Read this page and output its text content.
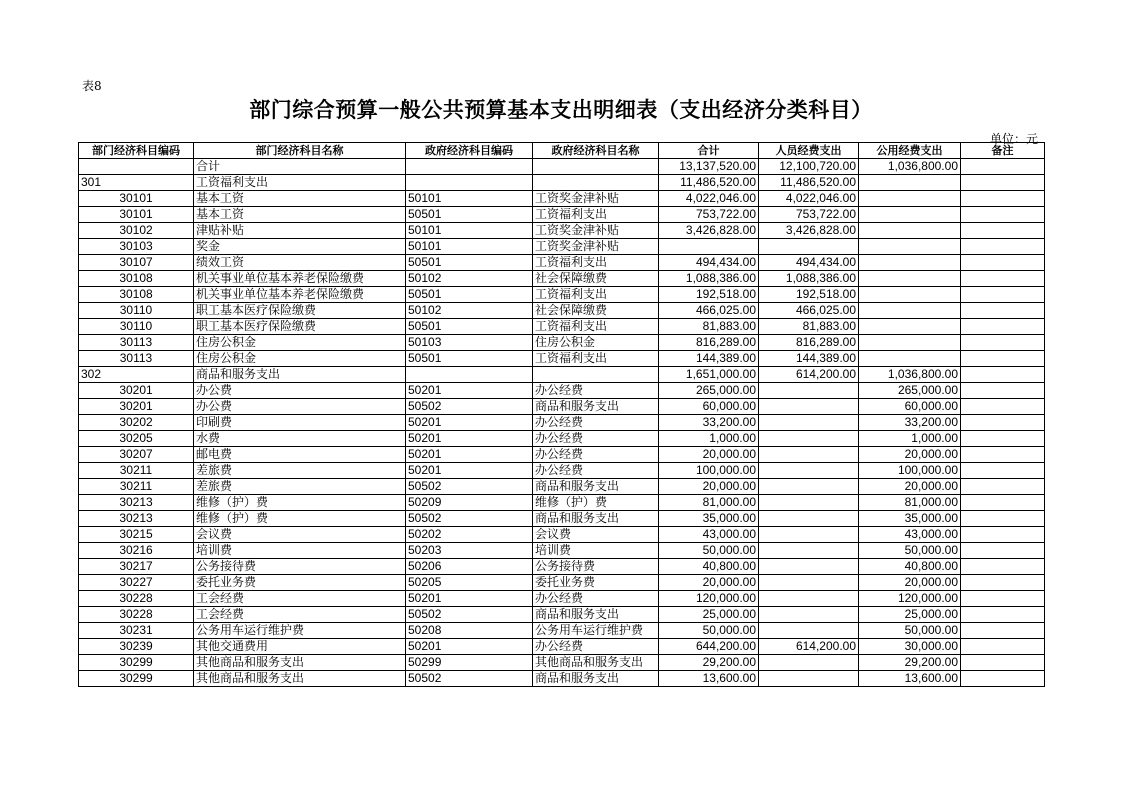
表8
部门综合预算一般公共预算基本支出明细表（支出经济分类科目）
单位：元
部门经济科目编码	部门经济科目名称	政府经济科目编码	政府经济科目名称	合计	人员经费支出	公用经费支出	备注
	合计			13,137,520.00	12,100,720.00	1,036,800.00	
301	工资福利支出			11,486,520.00	11,486,520.00		
30101	基本工资	50101	工资奖金津补贴	4,022,046.00	4,022,046.00		
30101	基本工资	50501	工资福利支出	753,722.00	753,722.00		
30102	津贴补贴	50101	工资奖金津补贴	3,426,828.00	3,426,828.00		
30103	奖金	50101	工资奖金津补贴				
30107	绩效工资	50501	工资福利支出	494,434.00	494,434.00		
30108	机关事业单位基本养老保险缴费	50102	社会保障缴费	1,088,386.00	1,088,386.00		
30108	机关事业单位基本养老保险缴费	50501	工资福利支出	192,518.00	192,518.00		
30110	职工基本医疗保险缴费	50102	社会保障缴费	466,025.00	466,025.00		
30110	职工基本医疗保险缴费	50501	工资福利支出	81,883.00	81,883.00		
30113	住房公积金	50103	住房公积金	816,289.00	816,289.00		
30113	住房公积金	50501	工资福利支出	144,389.00	144,389.00		
302	商品和服务支出			1,651,000.00	614,200.00	1,036,800.00	
30201	办公费	50201	办公经费	265,000.00		265,000.00	
30201	办公费	50502	商品和服务支出	60,000.00		60,000.00	
30202	印刷费	50201	办公经费	33,200.00		33,200.00	
30205	水费	50201	办公经费	1,000.00		1,000.00	
30207	邮电费	50201	办公经费	20,000.00		20,000.00	
30211	差旅费	50201	办公经费	100,000.00		100,000.00	
30211	差旅费	50502	商品和服务支出	20,000.00		20,000.00	
30213	维修（护）费	50209	维修（护）费	81,000.00		81,000.00	
30213	维修（护）费	50502	商品和服务支出	35,000.00		35,000.00	
30215	会议费	50202	会议费	43,000.00		43,000.00	
30216	培训费	50203	培训费	50,000.00		50,000.00	
30217	公务接待费	50206	公务接待费	40,800.00		40,800.00	
30227	委托业务费	50205	委托业务费	20,000.00		20,000.00	
30228	工会经费	50201	办公经费	120,000.00		120,000.00	
30228	工会经费	50502	商品和服务支出	25,000.00		25,000.00	
30231	公务用车运行维护费	50208	公务用车运行维护费	50,000.00		50,000.00	
30239	其他交通费用	50201	办公经费	644,200.00	614,200.00	30,000.00	
30299	其他商品和服务支出	50299	其他商品和服务支出	29,200.00		29,200.00	
30299	其他商品和服务支出	50502	商品和服务支出	13,600.00		13,600.00	
